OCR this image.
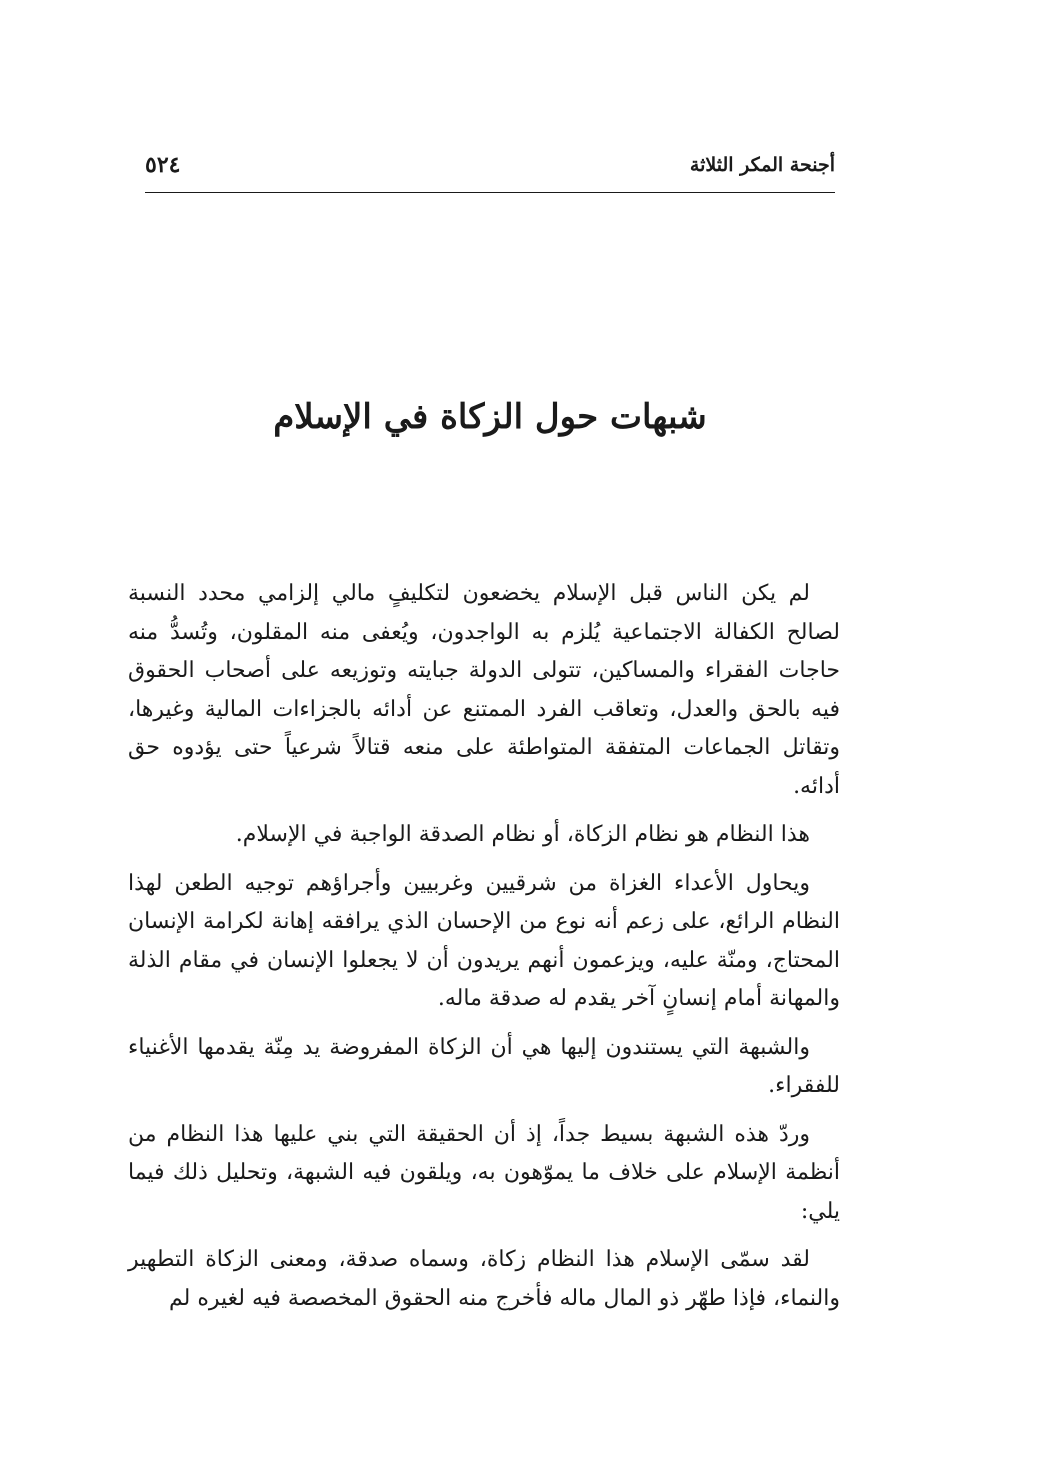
أجنحة المكر الثلاثة
٥٢٤
شبهات حول الزكاة في الإسلام

لم يكن الناس قبل الإسلام يخضعون لتكليفٍ مالي إلزامي محدد النسبة لصالح الكفالة الاجتماعية يُلزم به الواجدون، ويُعفى منه المقلون، وتُسدُّ منه حاجات الفقراء والمساكين، تتولى الدولة جبايته وتوزيعه على أصحاب الحقوق فيه بالحق والعدل، وتعاقب الفرد الممتنع عن أدائه بالجزاءات المالية وغيرها، وتقاتل الجماعات المتفقة المتواطئة على منعه قتالاً شرعياً حتى يؤدوه حق أدائه.

هذا النظام هو نظام الزكاة، أو نظام الصدقة الواجبة في الإسلام.

ويحاول الأعداء الغزاة من شرقيين وغربيين وأجراؤهم توجيه الطعن لهذا النظام الرائع، على زعم أنه نوع من الإحسان الذي يرافقه إهانة لكرامة الإنسان المحتاج، ومنّة عليه، ويزعمون أنهم يريدون أن لا يجعلوا الإنسان في مقام الذلة والمهانة أمام إنسانٍ آخر يقدم له صدقة ماله.

والشبهة التي يستندون إليها هي أن الزكاة المفروضة يد مِنّة يقدمها الأغنياء للفقراء.

وردّ هذه الشبهة بسيط جداً، إذ أن الحقيقة التي بني عليها هذا النظام من أنظمة الإسلام على خلاف ما يموّهون به، ويلقون فيه الشبهة، وتحليل ذلك فيما يلي:

لقد سمّى الإسلام هذا النظام زكاة، وسماه صدقة، ومعنى الزكاة التطهير والنماء، فإذا طهّر ذو المال ماله فأخرج منه الحقوق المخصصة فيه لغيره لم
